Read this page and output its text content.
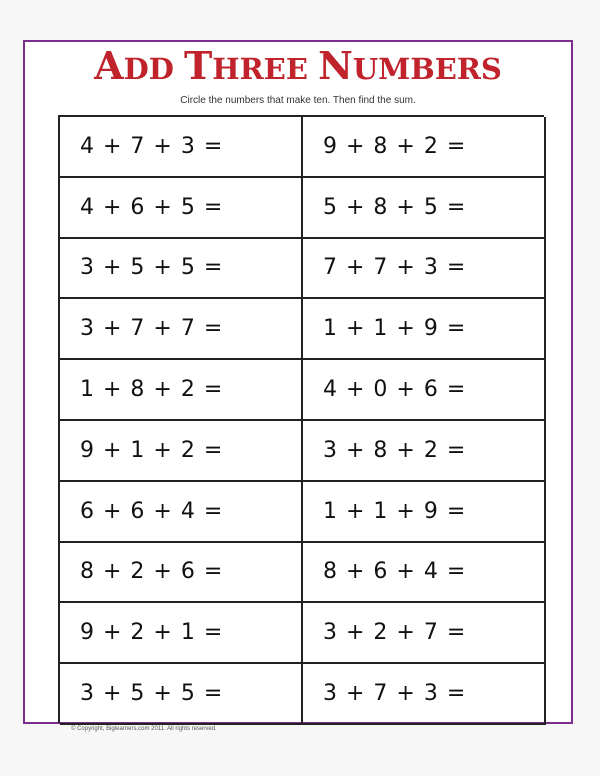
ADD THREE NUMBERS
Circle the numbers that make ten. Then find the sum.
4 + 7 + 3 =	9 + 8 + 2 =
4 + 6 + 5 =	5 + 8 + 5 =
3 + 5 + 5 =	7 + 7 + 3 =
3 + 7 + 7 =	1 + 1 + 9 =
1 + 8 + 2 =	4 + 0 + 6 =
9 + 1 + 2 =	3 + 8 + 2 =
6 + 6 + 4 =	1 + 1 + 9 =
8 + 2 + 6 =	8 + 6 + 4 =
9 + 2 + 1 =	3 + 2 + 7 =
3 + 5 + 5 =	3 + 7 + 3 =
© Copyright, Biglearners.com 2011. All rights reserved.
